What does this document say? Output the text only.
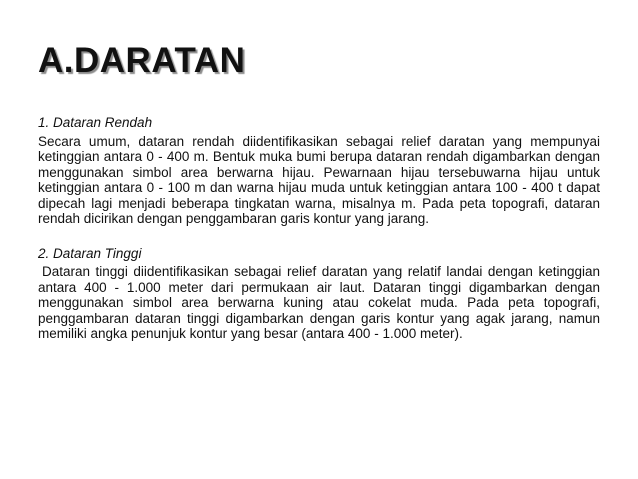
A.DARATAN

1. Dataran Rendah

Secara umum, dataran rendah diidentifikasikan sebagai relief daratan yang mempunyai ketinggian antara 0 - 400 m. Bentuk muka bumi berupa dataran rendah digambarkan dengan menggunakan simbol area berwarna hijau. Pewarnaan hijau tersebuwarna hijau untuk ketinggian antara 0 - 100 m dan warna hijau muda untuk ketinggian antara 100 - 400 t dapat dipecah lagi menjadi beberapa tingkatan warna, misalnya m. Pada peta topografi, dataran rendah dicirikan dengan penggambaran garis kontur yang jarang.

2. Dataran Tinggi

Dataran tinggi diidentifikasikan sebagai relief daratan yang relatif landai dengan ketinggian antara 400 - 1.000 meter dari permukaan air laut. Dataran tinggi digambarkan dengan menggunakan simbol area berwarna kuning atau cokelat muda. Pada peta topografi, penggambaran dataran tinggi digambarkan dengan garis kontur yang agak jarang, namun memiliki angka penunjuk kontur yang besar (antara 400 - 1.000 meter).
